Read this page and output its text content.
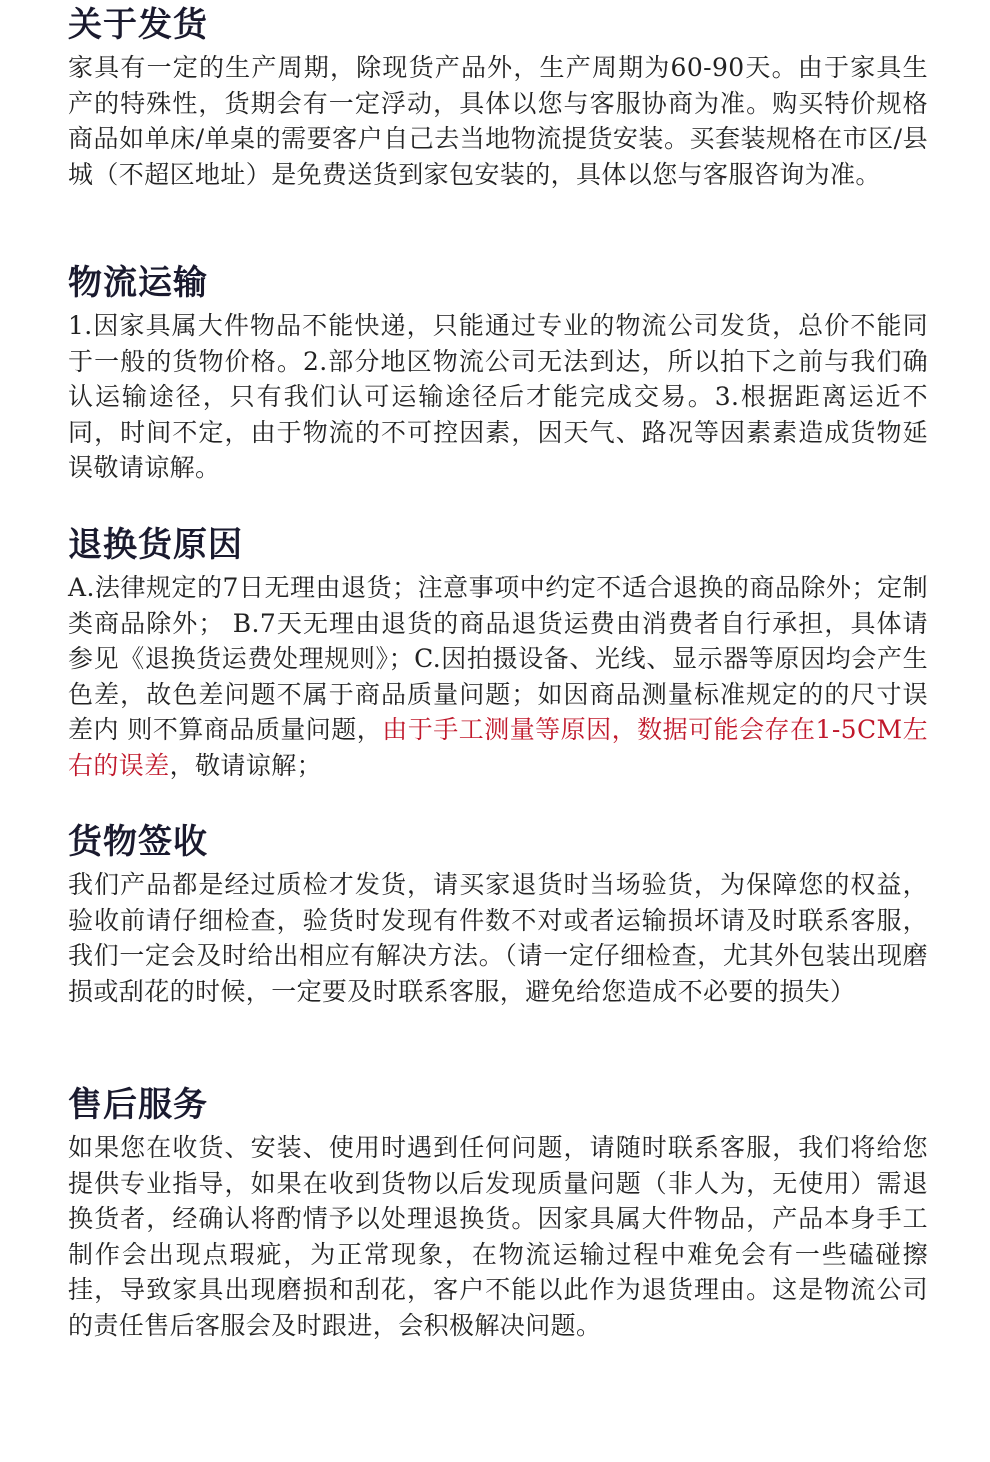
关于发货

家具有一定的生产周期，除现货产品外，生产周期为60-90天。由于家具生产的特殊性，货期会有一定浮动，具体以您与客服协商为准。购买特价规格商品如单床/单桌的需要客户自己去当地物流提货安装。买套装规格在市区/县城（不超区地址）是免费送货到家包安装的，具体以您与客服咨询为准。

物流运输

1.因家具属大件物品不能快递，只能通过专业的物流公司发货，总价不能同于一般的货物价格。2.部分地区物流公司无法到达，所以拍下之前与我们确认运输途径，只有我们认可运输途径后才能完成交易。3.根据距离运近不同，时间不定，由于物流的不可控因素，因天气、路况等因素素造成货物延误敬请谅解。

退换货原因

A.法律规定的7日无理由退货；注意事项中约定不适合退换的商品除外；定制类商品除外； B.7天无理由退货的商品退货运费由消费者自行承担，具体请参见《退换货运费处理规则》；C.因拍摄设备、光线、显示器等原因均会产生色差，故色差问题不属于商品质量问题；如因商品测量标准规定的的尺寸误差内 则不算商品质量问题，由于手工测量等原因，数据可能会存在1-5CM左右的误差，敬请谅解；

货物签收

我们产品都是经过质检才发货，请买家退货时当场验货，为保障您的权益，验收前请仔细检查，验货时发现有件数不对或者运输损坏请及时联系客服，我们一定会及时给出相应有解决方法。（请一定仔细检查，尤其外包装出现磨损或刮花的时候，一定要及时联系客服，避免给您造成不必要的损失）

售后服务

如果您在收货、安装、使用时遇到任何问题，请随时联系客服，我们将给您提供专业指导，如果在收到货物以后发现质量问题（非人为，无使用）需退换货者，经确认将酌情予以处理退换货。因家具属大件物品，产品本身手工制作会出现点瑕疵，为正常现象，在物流运输过程中难免会有一些磕碰擦挂，导致家具出现磨损和刮花，客户不能以此作为退货理由。这是物流公司的责任售后客服会及时跟进，会积极解决问题。
